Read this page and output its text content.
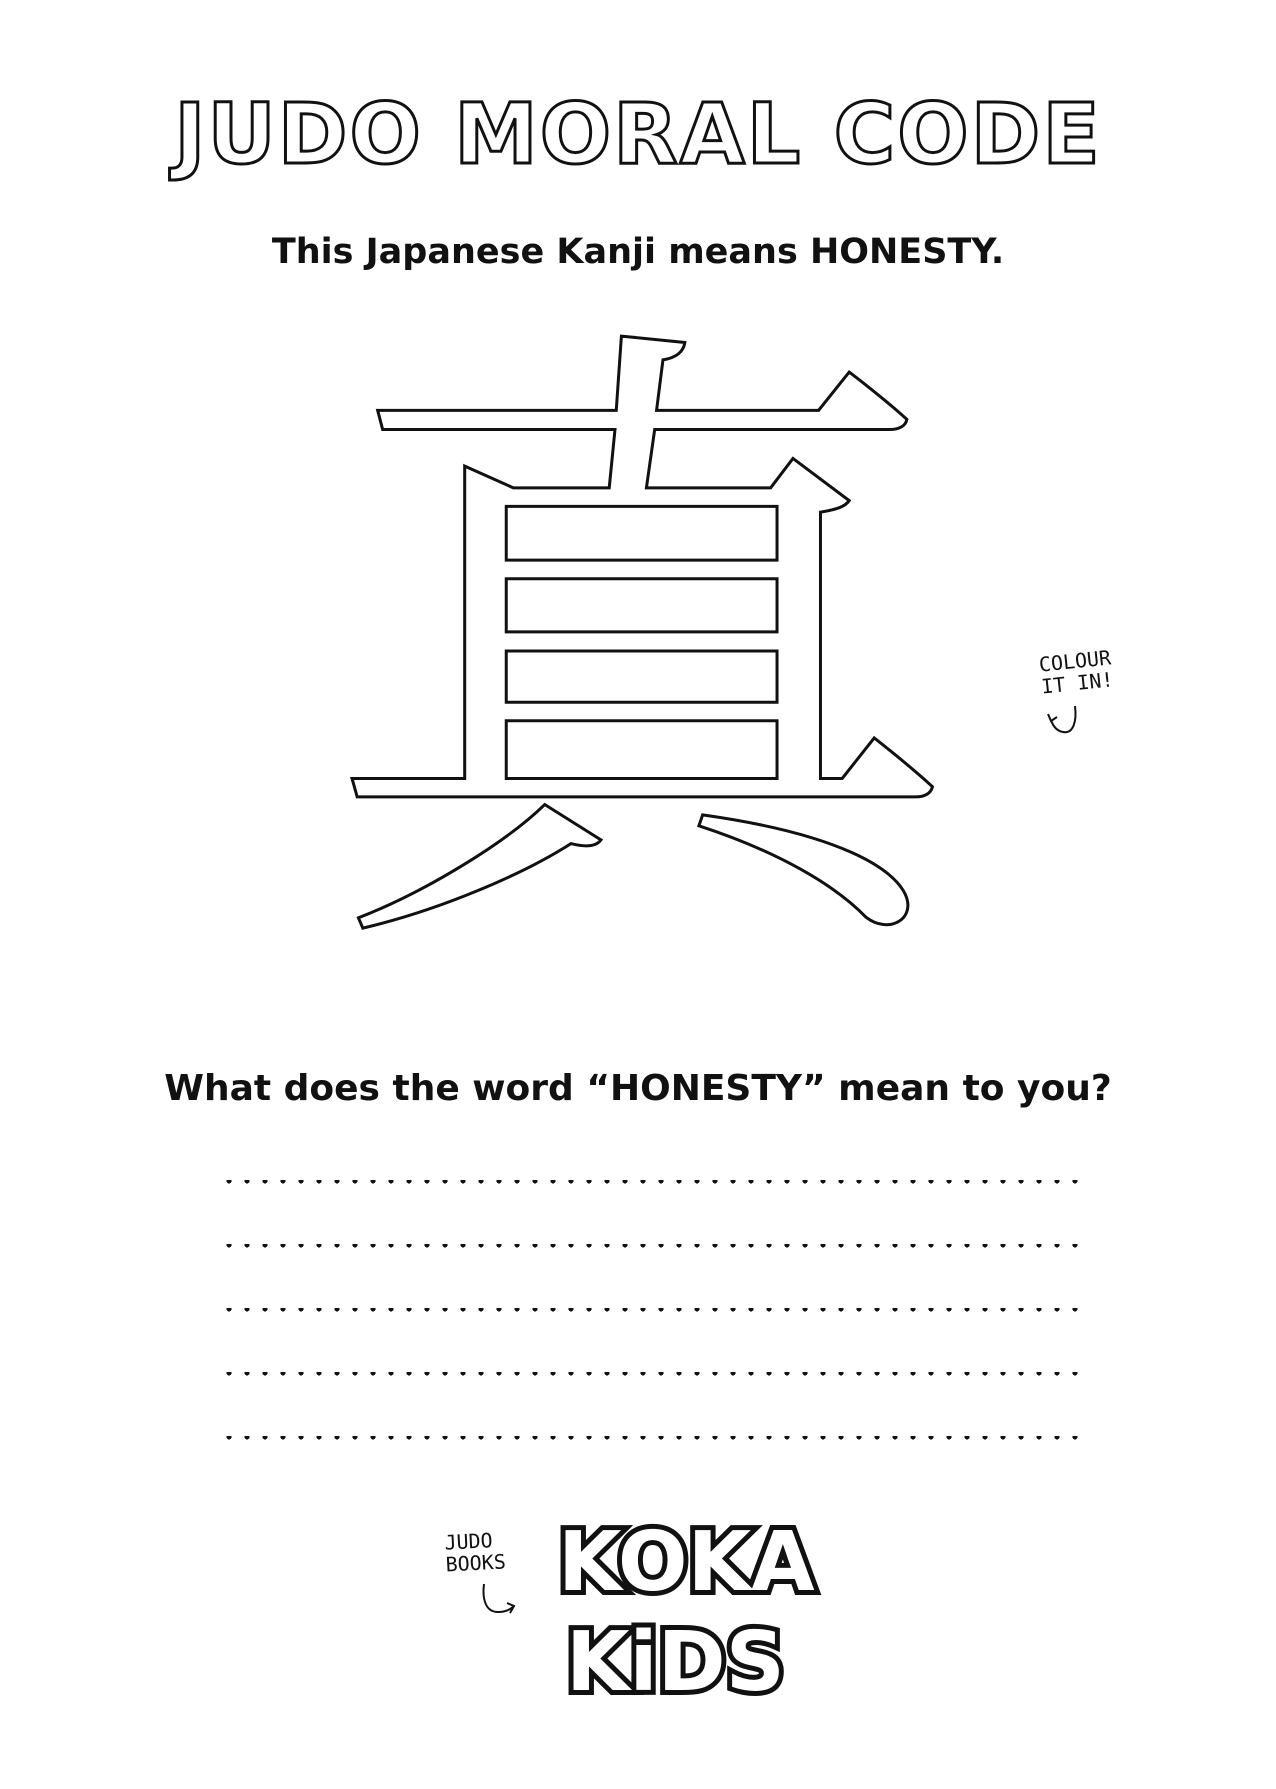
JUDO MORAL CODE
This Japanese Kanji means HONESTY.
真	COLOUR
IT IN!
What does the word “HONESTY” mean to you?
JUDO
BOOKS KOKA
KiDS
